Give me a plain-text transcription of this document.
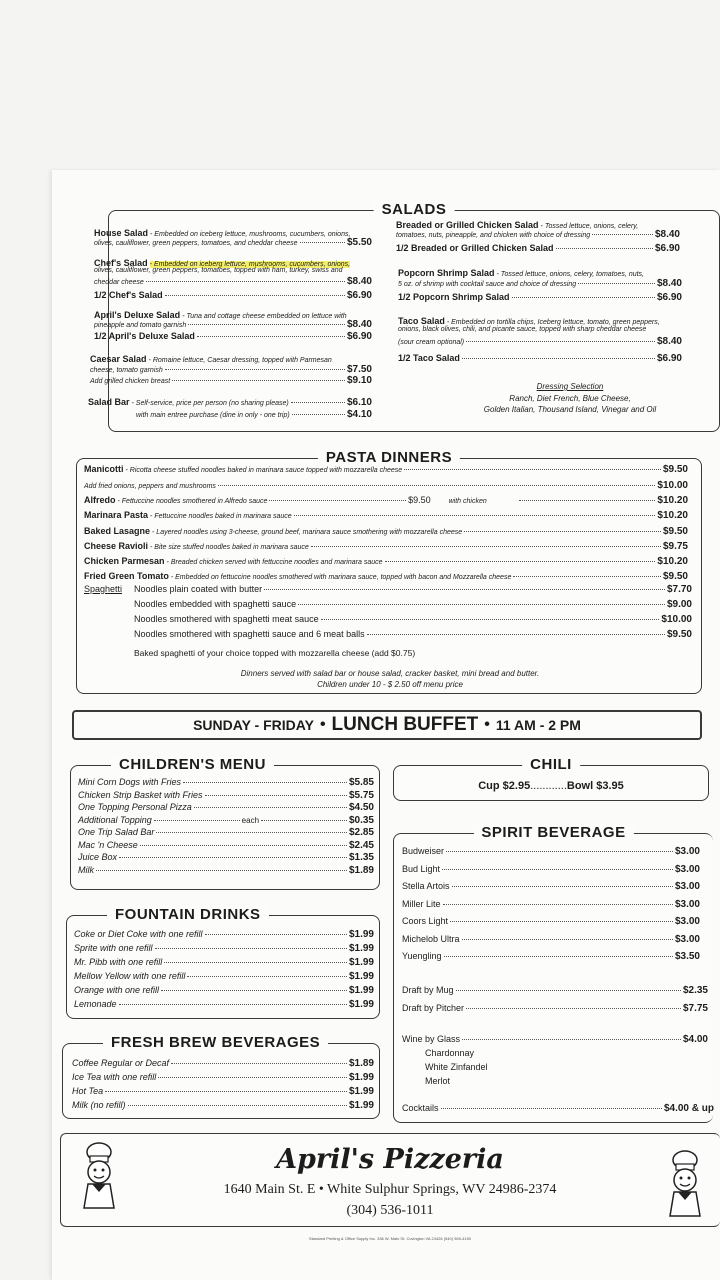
SALADS
House Salad - Embedded on iceberg lettuce, mushrooms, cucumbers, onions,
olives, cauliflower, green peppers, tomatoes, and cheddar cheese	$5.50
Chef's Salad - Embedded on iceberg lettuce, mushrooms, cucumbers, onions,
olives, cauliflower, green peppers, tomatoes, topped with ham, turkey, swiss and
cheddar cheese	$8.40
1/2 Chef's Salad	$6.90
April's Deluxe Salad - Tuna and cottage cheese embedded on lettuce with
pineapple and tomato garnish	$8.40
1/2 April's Deluxe Salad	$6.90
Caesar Salad - Romaine lettuce, Caesar dressing, topped with Parmesan
cheese, tomato garnish	$7.50
Add grilled chicken breast	$9.10
Salad Bar - Self-service, price per person (no sharing please)	$6.10
with main entree purchase (dine in only - one trip)	$4.10
Breaded or Grilled Chicken Salad - Tossed lettuce, onions, celery,
tomatoes, nuts, pineapple, and chicken with choice of dressing	$8.40
1/2 Breaded or Grilled Chicken Salad	$6.90
Popcorn Shrimp Salad - Tossed lettuce, onions, celery, tomatoes, nuts,
5 oz. of shrimp with cocktail sauce and choice of dressing	$8.40
1/2 Popcorn Shrimp Salad	$6.90
Taco Salad - Embedded on tortilla chips, Iceberg lettuce, tomato, green peppers,
onions, black olives, chili, and picante sauce, topped with sharp cheddar cheese
(sour cream optional)	$8.40
1/2 Taco Salad	$6.90
Dressing Selection
Ranch, Diet French, Blue Cheese,
Golden Italian, Thousand Island, Vinegar and Oil
PASTA DINNERS
Manicotti - Ricotta cheese stuffed noodles baked in marinara sauce topped with mozzarella cheese	$9.50
Add fried onions, peppers and mushrooms	$10.00
Alfredo - Fettuccine noodles smothered in Alfredo sauce	$9.50	with chicken	$10.20
Marinara Pasta - Fettuccine noodles baked in marinara sauce	$10.20
Baked Lasagne - Layered noodles using 3-cheese, ground beef, marinara sauce smothering with mozzarella cheese	$9.50
Cheese Ravioli - Bite size stuffed noodles baked in marinara sauce	$9.75
Chicken Parmesan - Breaded chicken served with fettuccine noodles and marinara sauce	$10.20
Fried Green Tomato - Embedded on fettuccine noodles smothered with marinara sauce, topped with bacon and Mozzarella cheese	$9.50
Spaghetti Noodles plain coated with butter	$7.70
Noodles embedded with spaghetti sauce	$9.00
Noodles smothered with spaghetti meat sauce	$10.00
Noodles smothered with spaghetti sauce and 6 meat balls	$9.50
Baked spaghetti of your choice topped with mozzarella cheese (add $0.75)
Dinners served with salad bar or house salad, cracker basket, mini bread and butter.
Children under 10 - $ 2.50 off menu price
SUNDAY - FRIDAY • LUNCH BUFFET • 11 AM - 2 PM
CHILDREN'S MENU
Mini Corn Dogs with Fries	$5.85
Chicken Strip Basket with Fries	$5.75
One Topping Personal Pizza	$4.50
Additional Topping	each	$0.35
One Trip Salad Bar	$2.85
Mac 'n Cheese	$2.45
Juice Box	$1.35
Milk	$1.89
FOUNTAIN DRINKS
Coke or Diet Coke with one refill	$1.99
Sprite with one refill	$1.99
Mr. Pibb with one refill	$1.99
Mellow Yellow with one refill	$1.99
Orange with one refill	$1.99
Lemonade	$1.99
FRESH BREW BEVERAGES
Coffee Regular or Decaf	$1.89
Ice Tea with one refill	$1.99
Hot Tea	$1.99
Milk (no refill)	$1.99
CHILI
Cup $2.95............Bowl $3.95
SPIRIT BEVERAGE
Budweiser	$3.00
Bud Light	$3.00
Stella Artois	$3.00
Miller Lite	$3.00
Coors Light	$3.00
Michelob Ultra	$3.00
Yuengling	$3.50
Draft by Mug	$2.35
Draft by Pitcher	$7.75
Wine by Glass	$4.00
Chardonnay
White Zinfandel
Merlot
Cocktails	$4.00 & up
April's Pizzeria
1640 Main St. E • White Sulphur Springs, WV 24986-2374
(304) 536-1011
Standard Printing & Office Supply Inc. 336 W. Main St. Covington VA 24426 (540) 965-4150
